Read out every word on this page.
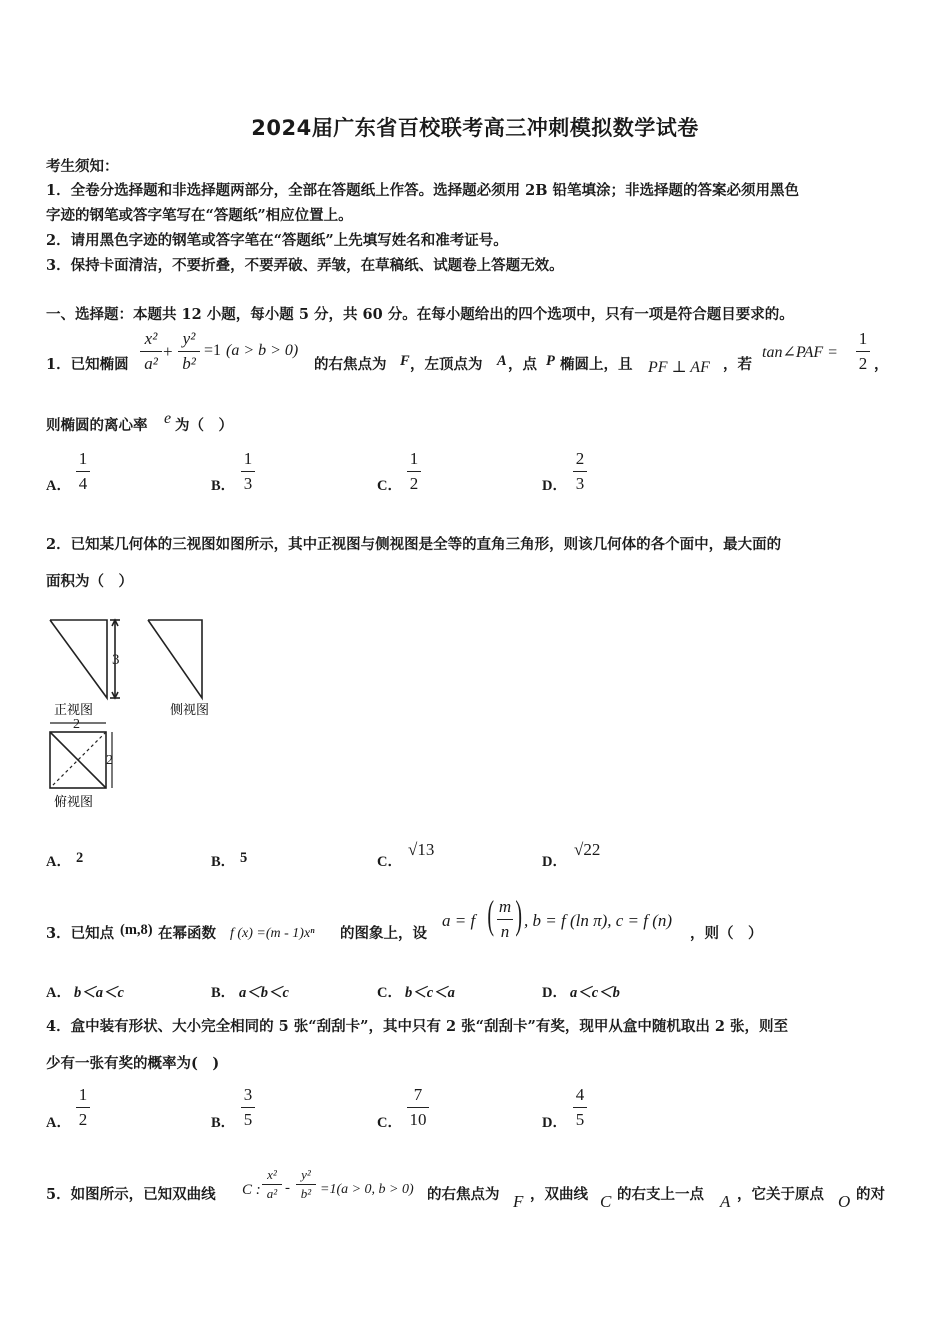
2024届广东省百校联考高三冲刺模拟数学试卷
考生须知：
1．全卷分选择题和非选择题两部分，全部在答题纸上作答。选择题必须用 2B 铅笔填涂；非选择题的答案必须用黑色
字迹的钢笔或答字笔写在“答题纸”相应位置上。
2．请用黑色字迹的钢笔或答字笔在“答题纸”上先填写姓名和准考证号。
3．保持卡面清洁，不要折叠，不要弄破、弄皱，在草稿纸、试题卷上答题无效。
一、选择题：本题共 12 小题，每小题 5 分，共 60 分。在每小题给出的四个选项中，只有一项是符合题目要求的。
1．已知椭圆
x²
a²
+
y²
b²
=1 (a > b > 0)
的右焦点为 F ，左顶点为 A ，点 P 椭圆上，且 PF ⊥ AF ，若
tan∠PAF =
1
2 ，
则椭圆的离心率 e 为（　）
A．
1
4	B．
1
3	C．
1
2	D．
2
3
2．已知某几何体的三视图如图所示，其中正视图与侧视图是全等的直角三角形，则该几何体的各个面中，最大面的
面积为（　）
3
正视图	侧视图
2
2
俯视图
A． 2	B． 5	C．
√13
D．
√22
3．已知点 (m,8) 在幂函数 f (x) =(m - 1)xⁿ 的图象上，设
a = f ( m
n ) , b = f (ln π), c = f (n)
，则（　）
A． b＜a＜c	B． a＜b＜c	C． b＜c＜a	D． a＜c＜b
4．盒中装有形状、大小完全相同的 5 张“刮刮卡”，其中只有 2 张“刮刮卡”有奖，现甲从盒中随机取出 2 张，则至
少有一张有奖的概率为(　)
A．
1
2	B．
3
5	C．
7
10	D．
4
5
5．如图所示，已知双曲线 C :
x²
a² -
y²
b² =1(a > 0, b > 0) 的右焦点为 F ，双曲线 C 的右支上一点 A ，它关于原点 O 的对
